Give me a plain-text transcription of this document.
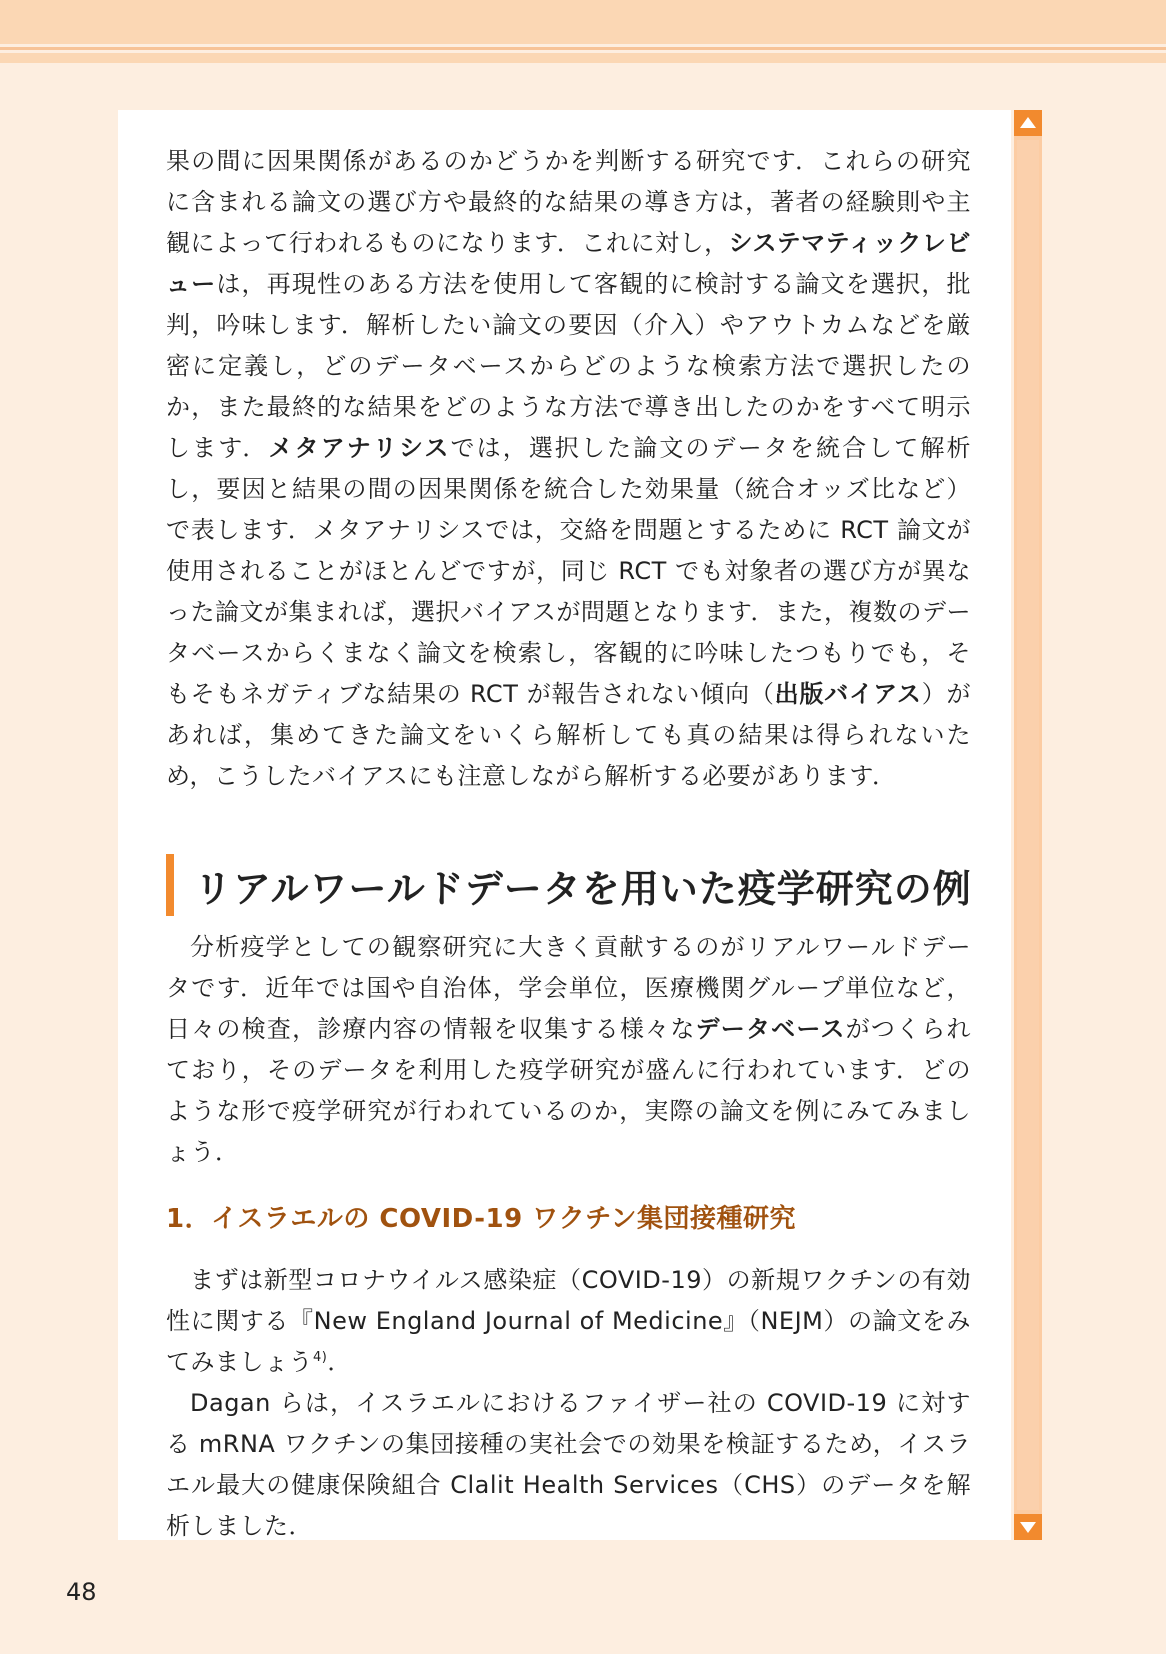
果の間に因果関係があるのかどうかを判断する研究です．これらの研究に含まれる論文の選び方や最終的な結果の導き方は，著者の経験則や主観によって行われるものになります．これに対し，システマティックレビューは，再現性のある方法を使用して客観的に検討する論文を選択，批判，吟味します．解析したい論文の要因（介入）やアウトカムなどを厳密に定義し，どのデータベースからどのような検索方法で選択したのか，また最終的な結果をどのような方法で導き出したのかをすべて明示します．メタアナリシスでは，選択した論文のデータを統合して解析し，要因と結果の間の因果関係を統合した効果量（統合オッズ比など）で表します．メタアナリシスでは，交絡を問題とするために RCT 論文が使用されることがほとんどですが，同じ RCT でも対象者の選び方が異なった論文が集まれば，選択バイアスが問題となります．また，複数のデータベースからくまなく論文を検索し，客観的に吟味したつもりでも，そもそもネガティブな結果の RCT が報告されない傾向（出版バイアス）があれば，集めてきた論文をいくら解析しても真の結果は得られないため，こうしたバイアスにも注意しながら解析する必要があります．

リアルワールドデータを用いた疫学研究の例

分析疫学としての観察研究に大きく貢献するのがリアルワールドデータです．近年では国や自治体，学会単位，医療機関グループ単位など，日々の検査，診療内容の情報を収集する様々なデータベースがつくられており，そのデータを利用した疫学研究が盛んに行われています．どのような形で疫学研究が行われているのか，実際の論文を例にみてみましょう．

1．イスラエルの COVID-19 ワクチン集団接種研究

まずは新型コロナウイルス感染症（COVID-19）の新規ワクチンの有効性に関する『New England Journal of Medicine』（NEJM）の論文をみてみましょう$^{4)}$．

Dagan らは，イスラエルにおけるファイザー社の COVID-19 に対する mRNA ワクチンの集団接種の実社会での効果を検証するため，イスラエル最大の健康保険組合 Clalit Health Services（CHS）のデータを解析しました．

48
